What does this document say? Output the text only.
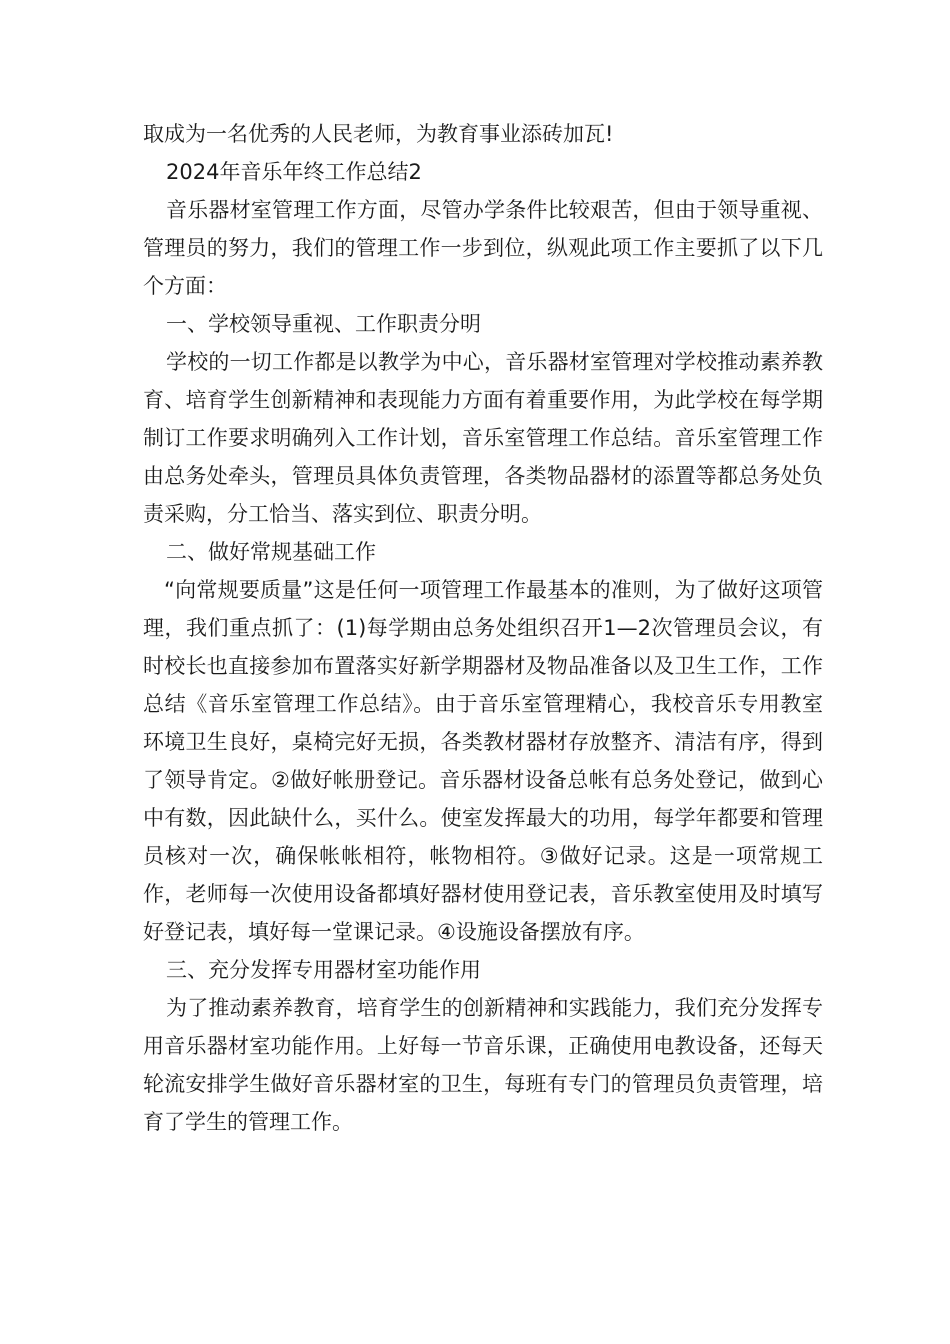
取成为一名优秀的人民老师，为教育事业添砖加瓦!

2024年音乐年终工作总结2

音乐器材室管理工作方面，尽管办学条件比较艰苦，但由于领导重视、管理员的努力，我们的管理工作一步到位，纵观此项工作主要抓了以下几个方面：

一、学校领导重视、工作职责分明

学校的一切工作都是以教学为中心，音乐器材室管理对学校推动素养教育、培育学生创新精神和表现能力方面有着重要作用，为此学校在每学期制订工作要求明确列入工作计划，音乐室管理工作总结。音乐室管理工作由总务处牵头，管理员具体负责管理，各类物品器材的添置等都总务处负责采购，分工恰当、落实到位、职责分明。

二、做好常规基础工作

“向常规要质量”这是任何一项管理工作最基本的准则，为了做好这项管理，我们重点抓了：(1)每学期由总务处组织召开1—2次管理员会议，有时校长也直接参加布置落实好新学期器材及物品准备以及卫生工作，工作总结《音乐室管理工作总结》。由于音乐室管理精心，我校音乐专用教室环境卫生良好，桌椅完好无损，各类教材器材存放整齐、清洁有序，得到了领导肯定。②做好帐册登记。音乐器材设备总帐有总务处登记，做到心中有数，因此缺什么，买什么。使室发挥最大的功用，每学年都要和管理员核对一次，确保帐帐相符，帐物相符。③做好记录。这是一项常规工作，老师每一次使用设备都填好器材使用登记表，音乐教室使用及时填写好登记表，填好每一堂课记录。④设施设备摆放有序。

三、充分发挥专用器材室功能作用

为了推动素养教育，培育学生的创新精神和实践能力，我们充分发挥专用音乐器材室功能作用。上好每一节音乐课，正确使用电教设备，还每天轮流安排学生做好音乐器材室的卫生，每班有专门的管理员负责管理，培育了学生的管理工作。
